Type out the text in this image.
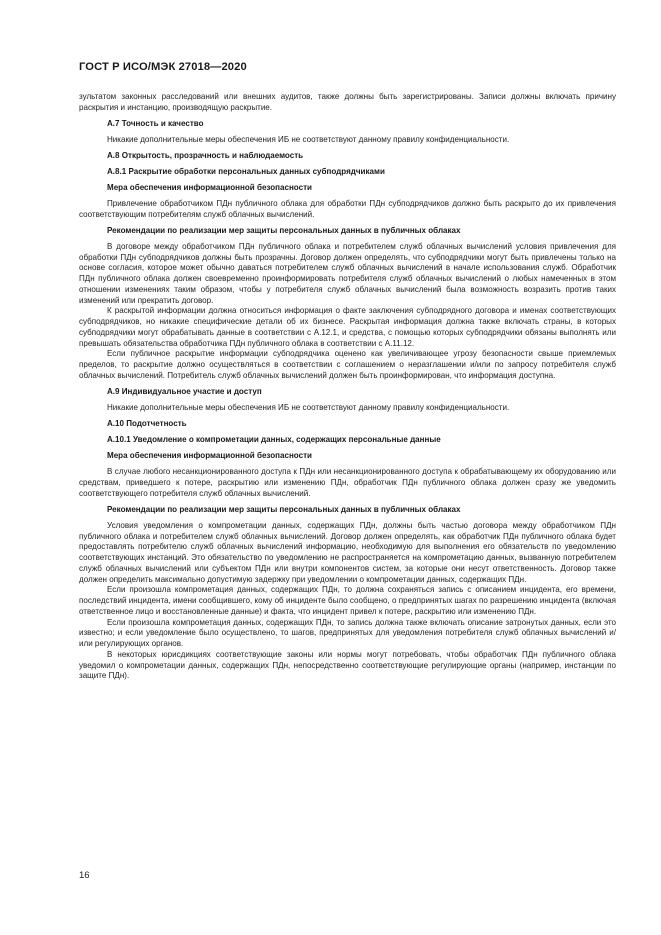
ГОСТ Р ИСО/МЭК 27018—2020

зультатом законных расследований или внешних аудитов, также должны быть зарегистрированы. Записи должны включать причину раскрытия и инстанцию, производящую раскрытие.

А.7 Точность и качество

Никакие дополнительные меры обеспечения ИБ не соответствуют данному правилу конфиденциальности.

А.8 Открытость, прозрачность и наблюдаемость

А.8.1 Раскрытие обработки персональных данных субподрядчиками

Мера обеспечения информационной безопасности

Привлечение обработчиком ПДн публичного облака для обработки ПДн субподрядчиков должно быть раскрыто до их привлечения соответствующим потребителям служб облачных вычислений.

Рекомендации по реализации мер защиты персональных данных в публичных облаках

В договоре между обработчиком ПДн публичного облака и потребителем служб облачных вычислений условия привлечения для обработки ПДн субподрядчиков должны быть прозрачны. Договор должен определять, что субподрядчики могут быть привлечены только на основе согласия, которое может обычно даваться потребителем служб облачных вычислений в начале использования служб. Обработчик ПДн публичного облака должен своевременно проинформировать потребителя служб облачных вычислений о любых намеченных в этом отношении изменениях таким образом, чтобы у потребителя служб облачных вычислений была возможность возразить против таких изменений или прекратить договор.

К раскрытой информации должна относиться информация о факте заключения субподрядного договора и именах соответствующих субподрядчиков, но никакие специфические детали об их бизнесе. Раскрытая информация должна также включать страны, в которых субподрядчики могут обрабатывать данные в соответствии с А.12.1, и средства, с помощью которых субподрядчики обязаны выполнять или превышать обязательства обработчика ПДн публичного облака в соответствии с А.11.12.

Если публичное раскрытие информации субподрядчика оценено как увеличивающее угрозу безопасности свыше приемлемых пределов, то раскрытие должно осуществляться в соответствии с соглашением о неразглашении и/или по запросу потребителя служб облачных вычислений. Потребитель служб облачных вычислений должен быть проинформирован, что информация доступна.

А.9 Индивидуальное участие и доступ

Никакие дополнительные меры обеспечения ИБ не соответствуют данному правилу конфиденциальности.

А.10 Подотчетность

А.10.1 Уведомление о компрометации данных, содержащих персональные данные

Мера обеспечения информационной безопасности

В случае любого несанкционированного доступа к ПДн или несанкционированного доступа к обрабатывающему их оборудованию или средствам, приведшего к потере, раскрытию или изменению ПДн, обработчик ПДн публичного облака должен сразу же уведомить соответствующего потребителя служб облачных вычислений.

Рекомендации по реализации мер защиты персональных данных в публичных облаках

Условия уведомления о компрометации данных, содержащих ПДн, должны быть частью договора между обработчиком ПДн публичного облака и потребителем служб облачных вычислений. Договор должен определять, как обработчик ПДн публичного облака будет предоставлять потребителю служб облачных вычислений информацию, необходимую для выполнения его обязательств по уведомлению соответствующих инстанций. Это обязательство по уведомлению не распространяется на компрометацию данных, вызванную потребителем служб облачных вычислений или субъектом ПДн или внутри компонентов систем, за которые они несут ответственность. Договор также должен определить максимально допустимую задержку при уведомлении о компрометации данных, содержащих ПДн.

Если произошла компрометация данных, содержащих ПДн, то должна сохраняться запись с описанием инцидента, его времени, последствий инцидента, имени сообщившего, кому об инциденте было сообщено, о предпринятых шагах по разрешению инцидента (включая ответственное лицо и восстановленные данные) и факта, что инцидент привел к потере, раскрытию или изменению ПДн.

Если произошла компрометация данных, содержащих ПДн, то запись должна также включать описание затронутых данных, если это известно; и если уведомление было осуществлено, то шагов, предпринятых для уведомления потребителя служб облачных вычислений и/или регулирующих органов.

В некоторых юрисдикциях соответствующие законы или нормы могут потребовать, чтобы обработчик ПДн публичного облака уведомил о компрометации данных, содержащих ПДн, непосредственно соответствующие регулирующие органы (например, инстанции по защите ПДн).

16
